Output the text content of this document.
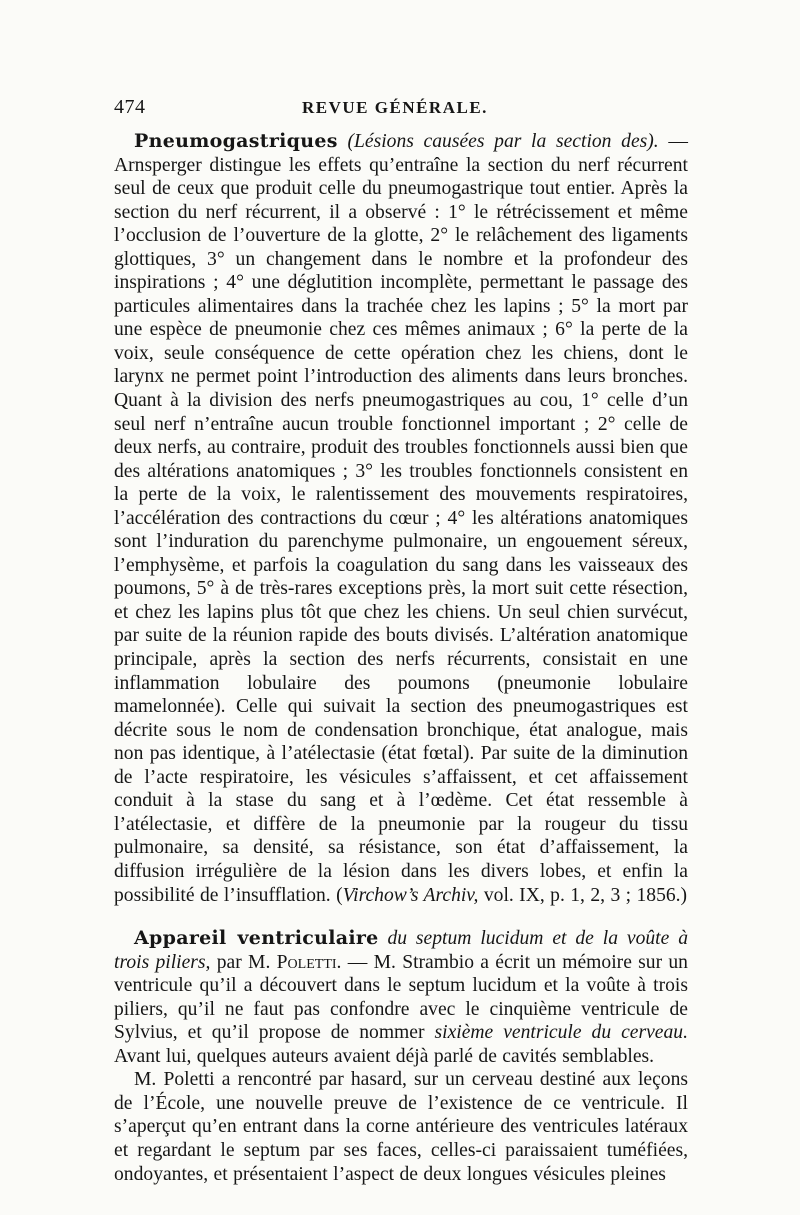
474	REVUE GÉNÉRALE.

Pneumogastriques (Lésions causées par la section des). — Arnsperger distingue les effets qu’entraîne la section du nerf récurrent seul de ceux que produit celle du pneumogastrique tout entier. Après la section du nerf récurrent, il a observé : 1° le rétrécissement et même l’occlusion de l’ouverture de la glotte, 2° le relâchement des ligaments glottiques, 3° un changement dans le nombre et la profondeur des inspirations ; 4° une déglutition incomplète, permettant le passage des particules alimentaires dans la trachée chez les lapins ; 5° la mort par une espèce de pneumonie chez ces mêmes animaux ; 6° la perte de la voix, seule conséquence de cette opération chez les chiens, dont le larynx ne permet point l’introduction des aliments dans leurs bronches. Quant à la division des nerfs pneumogastriques au cou, 1° celle d’un seul nerf n’entraîne aucun trouble fonctionnel important ; 2° celle de deux nerfs, au contraire, produit des troubles fonctionnels aussi bien que des altérations anatomiques ; 3° les troubles fonctionnels consistent en la perte de la voix, le ralentissement des mouvements respiratoires, l’accélération des contractions du cœur ; 4° les altérations anatomiques sont l’induration du parenchyme pulmonaire, un engouement séreux, l’emphysème, et parfois la coagulation du sang dans les vaisseaux des poumons, 5° à de très-rares exceptions près, la mort suit cette résection, et chez les lapins plus tôt que chez les chiens. Un seul chien survécut, par suite de la réunion rapide des bouts divisés. L’altération anatomique principale, après la section des nerfs récurrents, consistait en une inflammation lobulaire des poumons (pneumonie lobulaire mamelonnée). Celle qui suivait la section des pneumogastriques est décrite sous le nom de condensation bronchique, état analogue, mais non pas identique, à l’atélectasie (état fœtal). Par suite de la diminution de l’acte respiratoire, les vésicules s’affaissent, et cet affaissement conduit à la stase du sang et à l’œdème. Cet état ressemble à l’atélectasie, et diffère de la pneumonie par la rougeur du tissu pulmonaire, sa densité, sa résistance, son état d’affaissement, la diffusion irrégulière de la lésion dans les divers lobes, et enfin la possibilité de l’insufflation. (Virchow’s Archiv, vol. IX, p. 1, 2, 3 ; 1856.)

Appareil ventriculaire du septum lucidum et de la voûte à trois piliers, par M. Poletti. — M. Strambio a écrit un mémoire sur un ventricule qu’il a découvert dans le septum lucidum et la voûte à trois piliers, qu’il ne faut pas confondre avec le cinquième ventricule de Sylvius, et qu’il propose de nommer sixième ventricule du cerveau. Avant lui, quelques auteurs avaient déjà parlé de cavités semblables.

M. Poletti a rencontré par hasard, sur un cerveau destiné aux leçons de l’École, une nouvelle preuve de l’existence de ce ventricule. Il s’aperçut qu’en entrant dans la corne antérieure des ventricules latéraux et regardant le septum par ses faces, celles-ci paraissaient tuméfiées, ondoyantes, et présentaient l’aspect de deux longues vésicules pleines
